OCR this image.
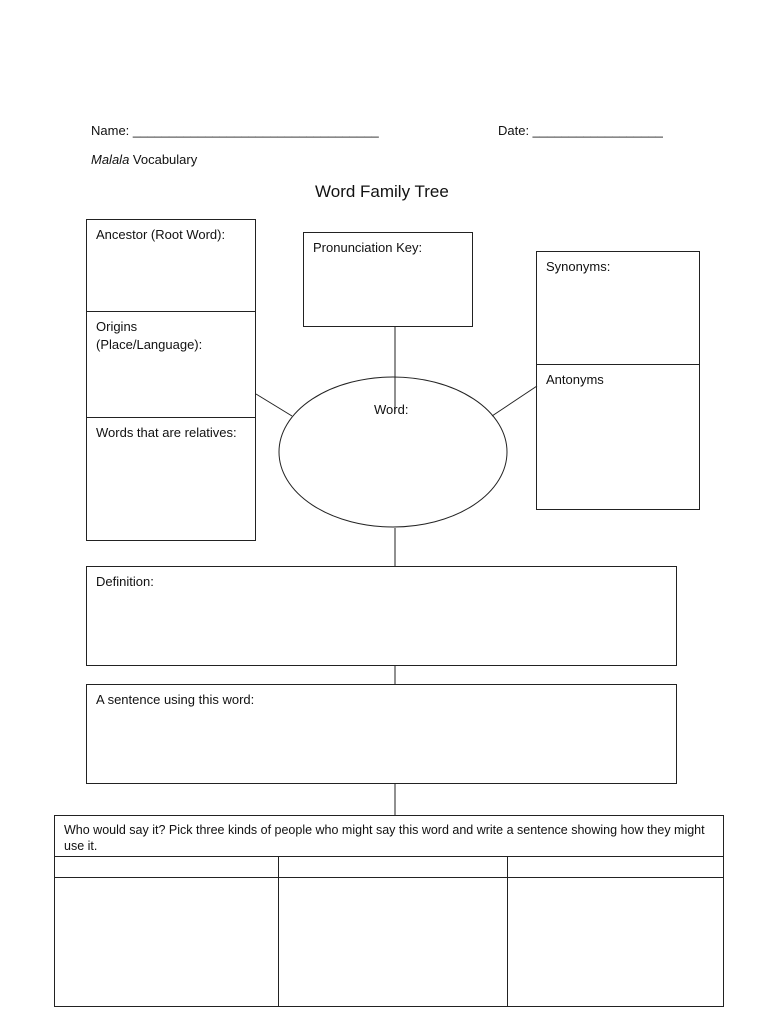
Name: __________________________________	Date: __________________
Malala Vocabulary
Word Family Tree
Ancestor (Root Word):
Origins
(Place/Language):
Words that are relatives:
Pronunciation Key:
Word:
Synonyms:
Antonyms
Definition:
A sentence using this word:
Who would say it? Pick three kinds of people who might say this word and write a sentence showing how they might use it.
